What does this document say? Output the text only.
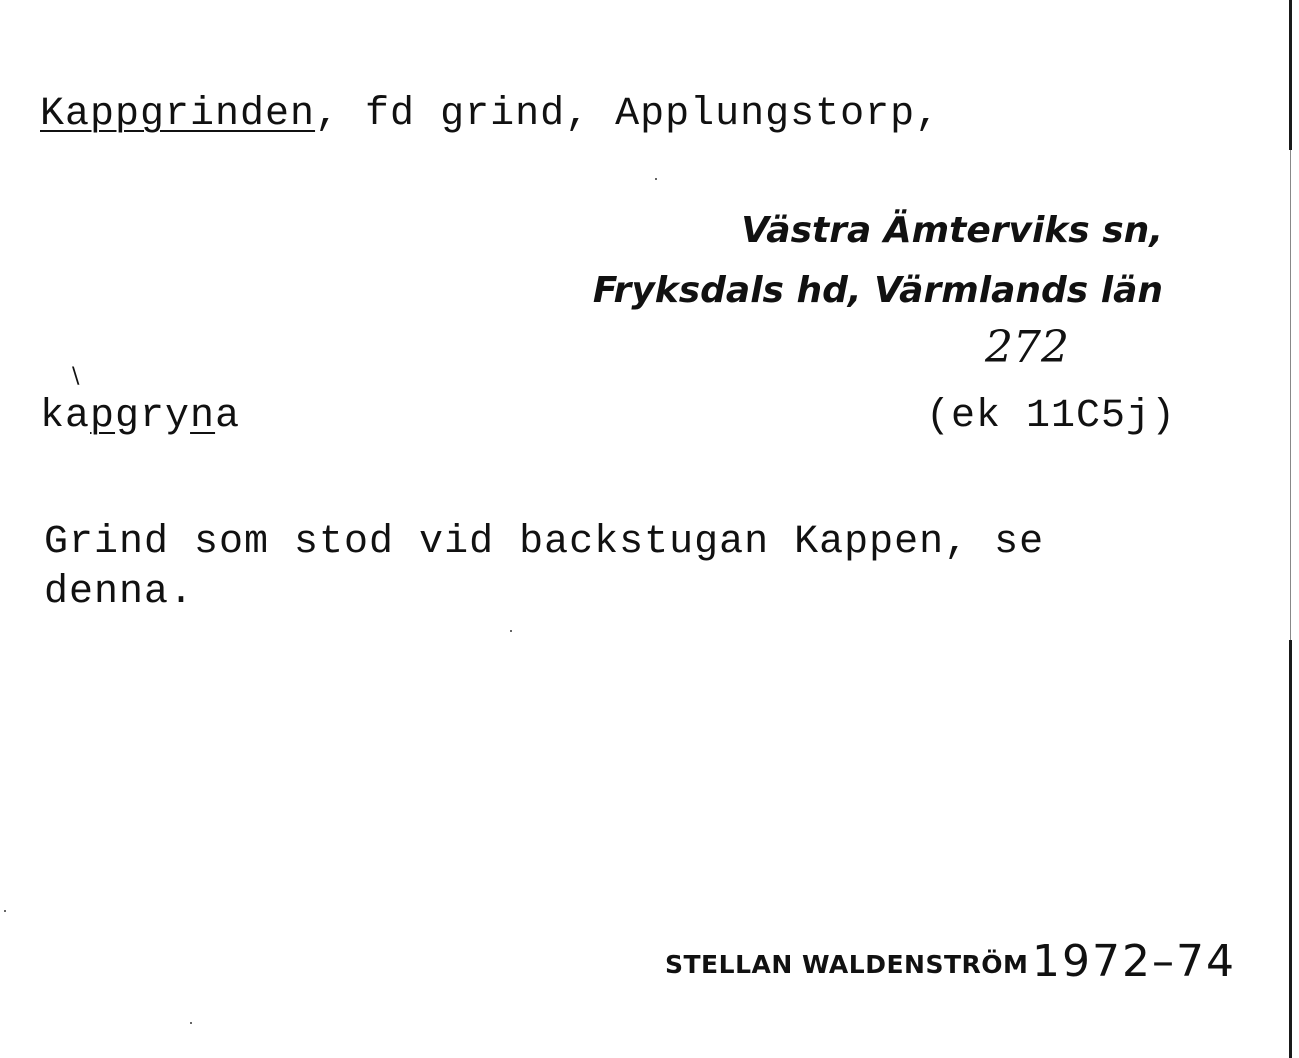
Kappgrinden, fd grind, Applungstorp,
Västra Ämterviks sn,
Fryksdals hd, Värmlands län
272
\
kapgryna	(ek 11C5j)
Grind som stod vid backstugan Kappen, se
denna.
STELLAN WALDENSTRÖM 1972–74
